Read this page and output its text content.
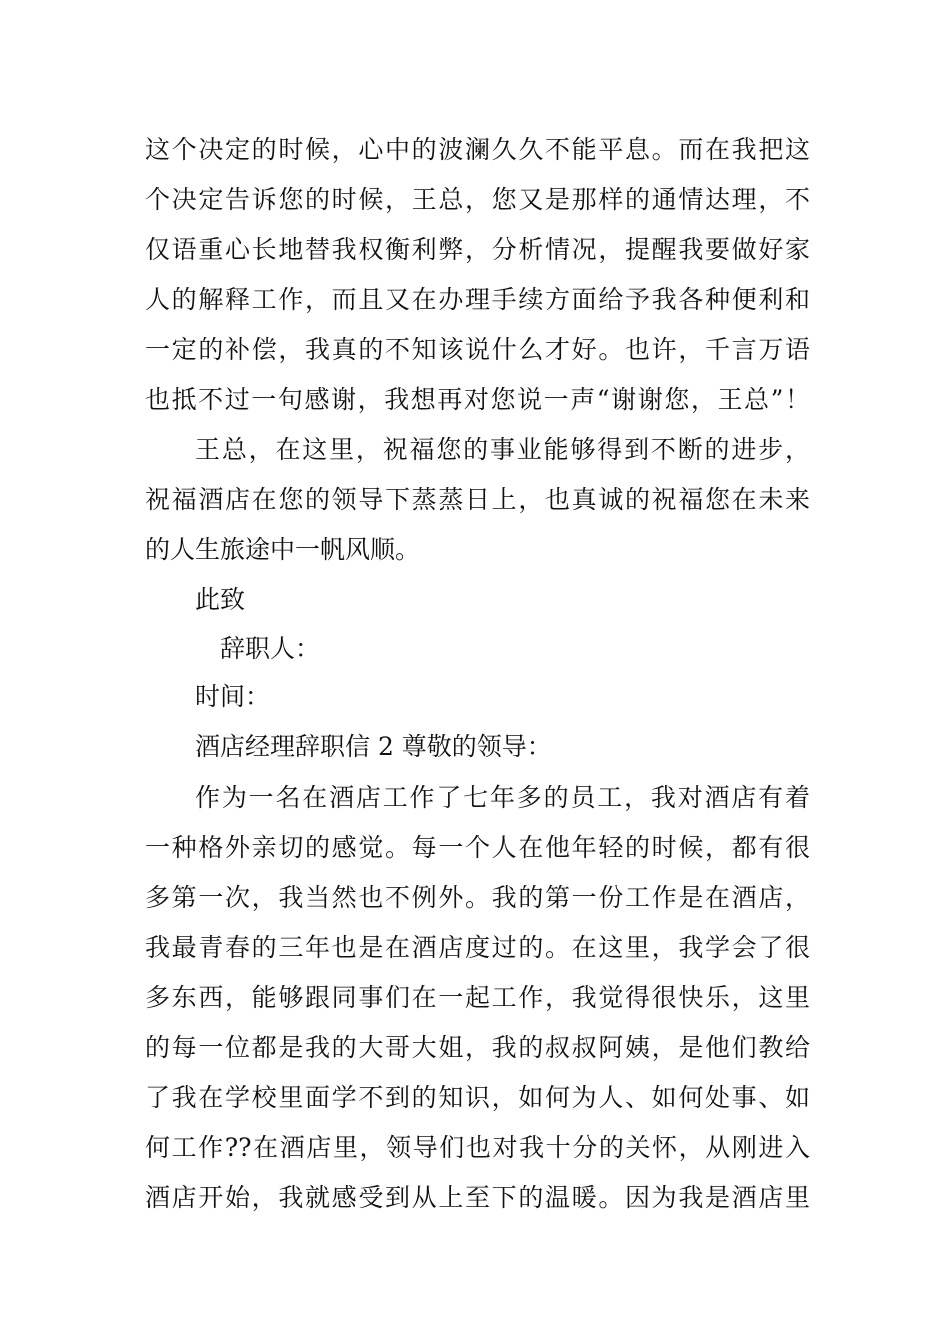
这个决定的时候，心中的波澜久久不能平息。而在我把这
个决定告诉您的时候，王总，您又是那样的通情达理，不
仅语重心长地替我权衡利弊，分析情况，提醒我要做好家
人的解释工作，而且又在办理手续方面给予我各种便利和
一定的补偿，我真的不知该说什么才好。也许，千言万语
也抵不过一句感谢，我想再对您说一声“谢谢您，王总”！
王总，在这里，祝福您的事业能够得到不断的进步，
祝福酒店在您的领导下蒸蒸日上，也真诚的祝福您在未来
的人生旅途中一帆风顺。
此致
辞职人：
时间：
酒店经理辞职信 2 尊敬的领导：
作为一名在酒店工作了七年多的员工，我对酒店有着
一种格外亲切的感觉。每一个人在他年轻的时候，都有很
多第一次，我当然也不例外。我的第一份工作是在酒店，
我最青春的三年也是在酒店度过的。在这里，我学会了很
多东西，能够跟同事们在一起工作，我觉得很快乐，这里
的每一位都是我的大哥大姐，我的叔叔阿姨，是他们教给
了我在学校里面学不到的知识，如何为人、如何处事、如
何工作??在酒店里，领导们也对我十分的关怀，从刚进入
酒店开始，我就感受到从上至下的温暖。因为我是酒店里
